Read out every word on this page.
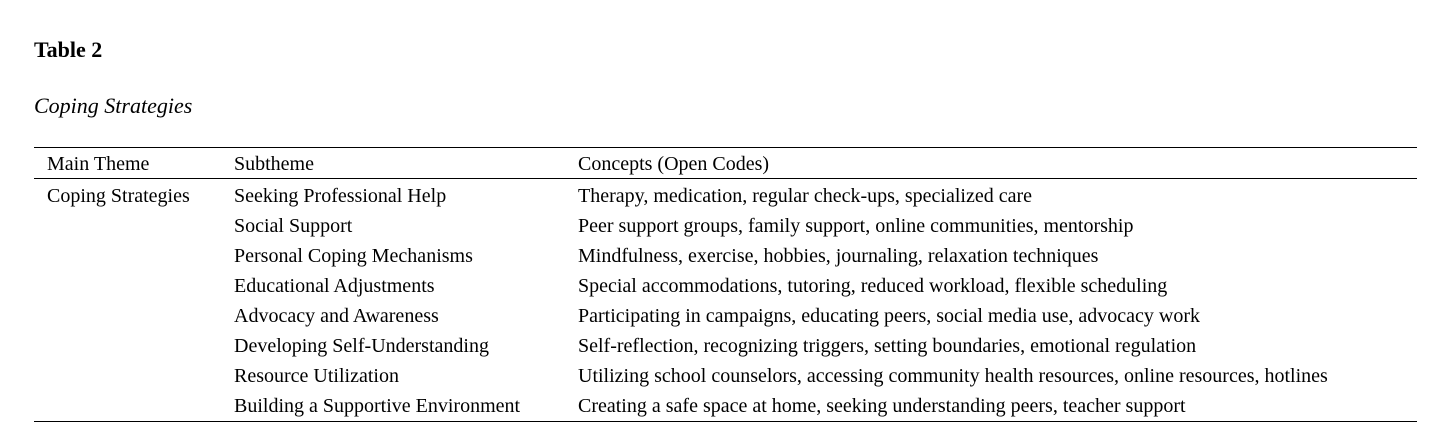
Table 2
Coping Strategies
Main Theme	Subtheme	Concepts (Open Codes)
Coping Strategies	Seeking Professional Help	Therapy, medication, regular check-ups, specialized care
	Social Support	Peer support groups, family support, online communities, mentorship
	Personal Coping Mechanisms	Mindfulness, exercise, hobbies, journaling, relaxation techniques
	Educational Adjustments	Special accommodations, tutoring, reduced workload, flexible scheduling
	Advocacy and Awareness	Participating in campaigns, educating peers, social media use, advocacy work
	Developing Self-Understanding	Self-reflection, recognizing triggers, setting boundaries, emotional regulation
	Resource Utilization	Utilizing school counselors, accessing community health resources, online resources, hotlines
	Building a Supportive Environment	Creating a safe space at home, seeking understanding peers, teacher support
